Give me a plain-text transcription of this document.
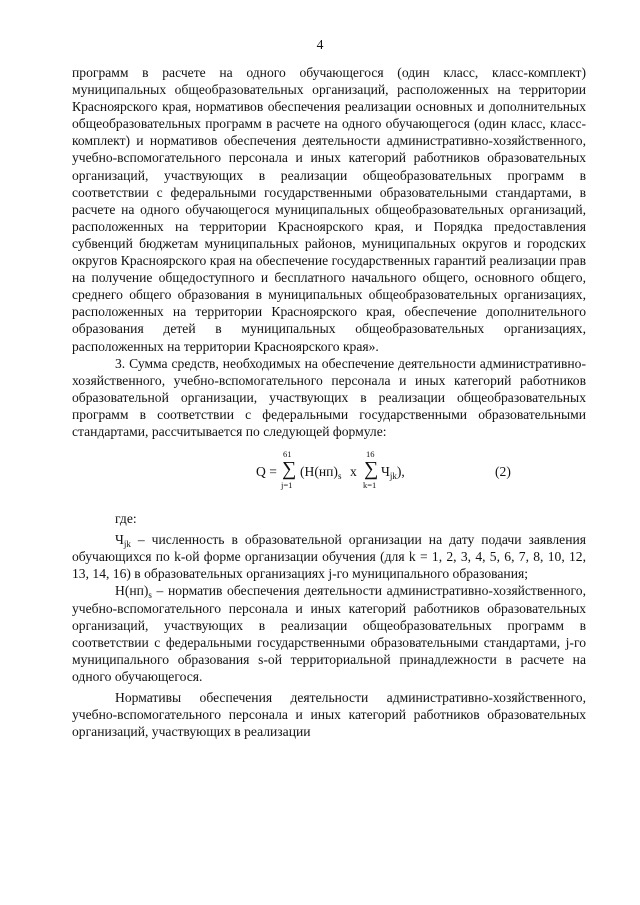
4

программ в расчете на одного обучающегося (один класс, класс-комплект) муниципальных общеобразовательных организаций, расположенных на территории Красноярского края, нормативов обеспечения реализации основных и дополнительных общеобразовательных программ в расчете на одного обучающегося (один класс, класс-комплект) и нормативов обеспечения деятельности административно-хозяйственного, учебно-вспомогательного персонала и иных категорий работников образовательных организаций, участвующих в реализации общеобразовательных программ в соответствии с федеральными государственными образовательными стандартами, в расчете на одного обучающегося муниципальных общеобразовательных организаций, расположенных на территории Красноярского края, и Порядка предоставления субвенций бюджетам муниципальных районов, муниципальных округов и городских округов Красноярского края на обеспечение государственных гарантий реализации прав на получение общедоступного и бесплатного начального общего, основного общего, среднего общего образования в муниципальных общеобразовательных организациях, расположенных на территории Красноярского края, обеспечение дополнительного образования детей в муниципальных общеобразовательных организациях, расположенных на территории Красноярского края».

3. Сумма средств, необходимых на обеспечение деятельности административно-хозяйственного, учебно-вспомогательного персонала и иных категорий работников образовательной организации, участвующих в реализации общеобразовательных программ в соответствии с федеральными государственными образовательными стандартами, рассчитывается по следующей формуле:

Q =
61
∑
j=1
($Н(нп)_s$ x
16
∑
k=1
$Ч_{jk}$),	(2)
где:

$Ч_{jk}$ – численность в образовательной организации на дату подачи заявления обучающихся по k-ой форме организации обучения (для k = 1, 2, 3, 4, 5, 6, 7, 8, 10, 12, 13, 14, 16) в образовательных организациях j-го муниципального образования;

$Н(нп)_s$ – норматив обеспечения деятельности административно-хозяйственного, учебно-вспомогательного персонала и иных категорий работников образовательных организаций, участвующих в реализации общеобразовательных программ в соответствии с федеральными государственными образовательными стандартами, j-го муниципального образования s-ой территориальной принадлежности в расчете на одного обучающегося.

Нормативы обеспечения деятельности административно-хозяйственного, учебно-вспомогательного персонала и иных категорий работников образовательных организаций, участвующих в реализации
